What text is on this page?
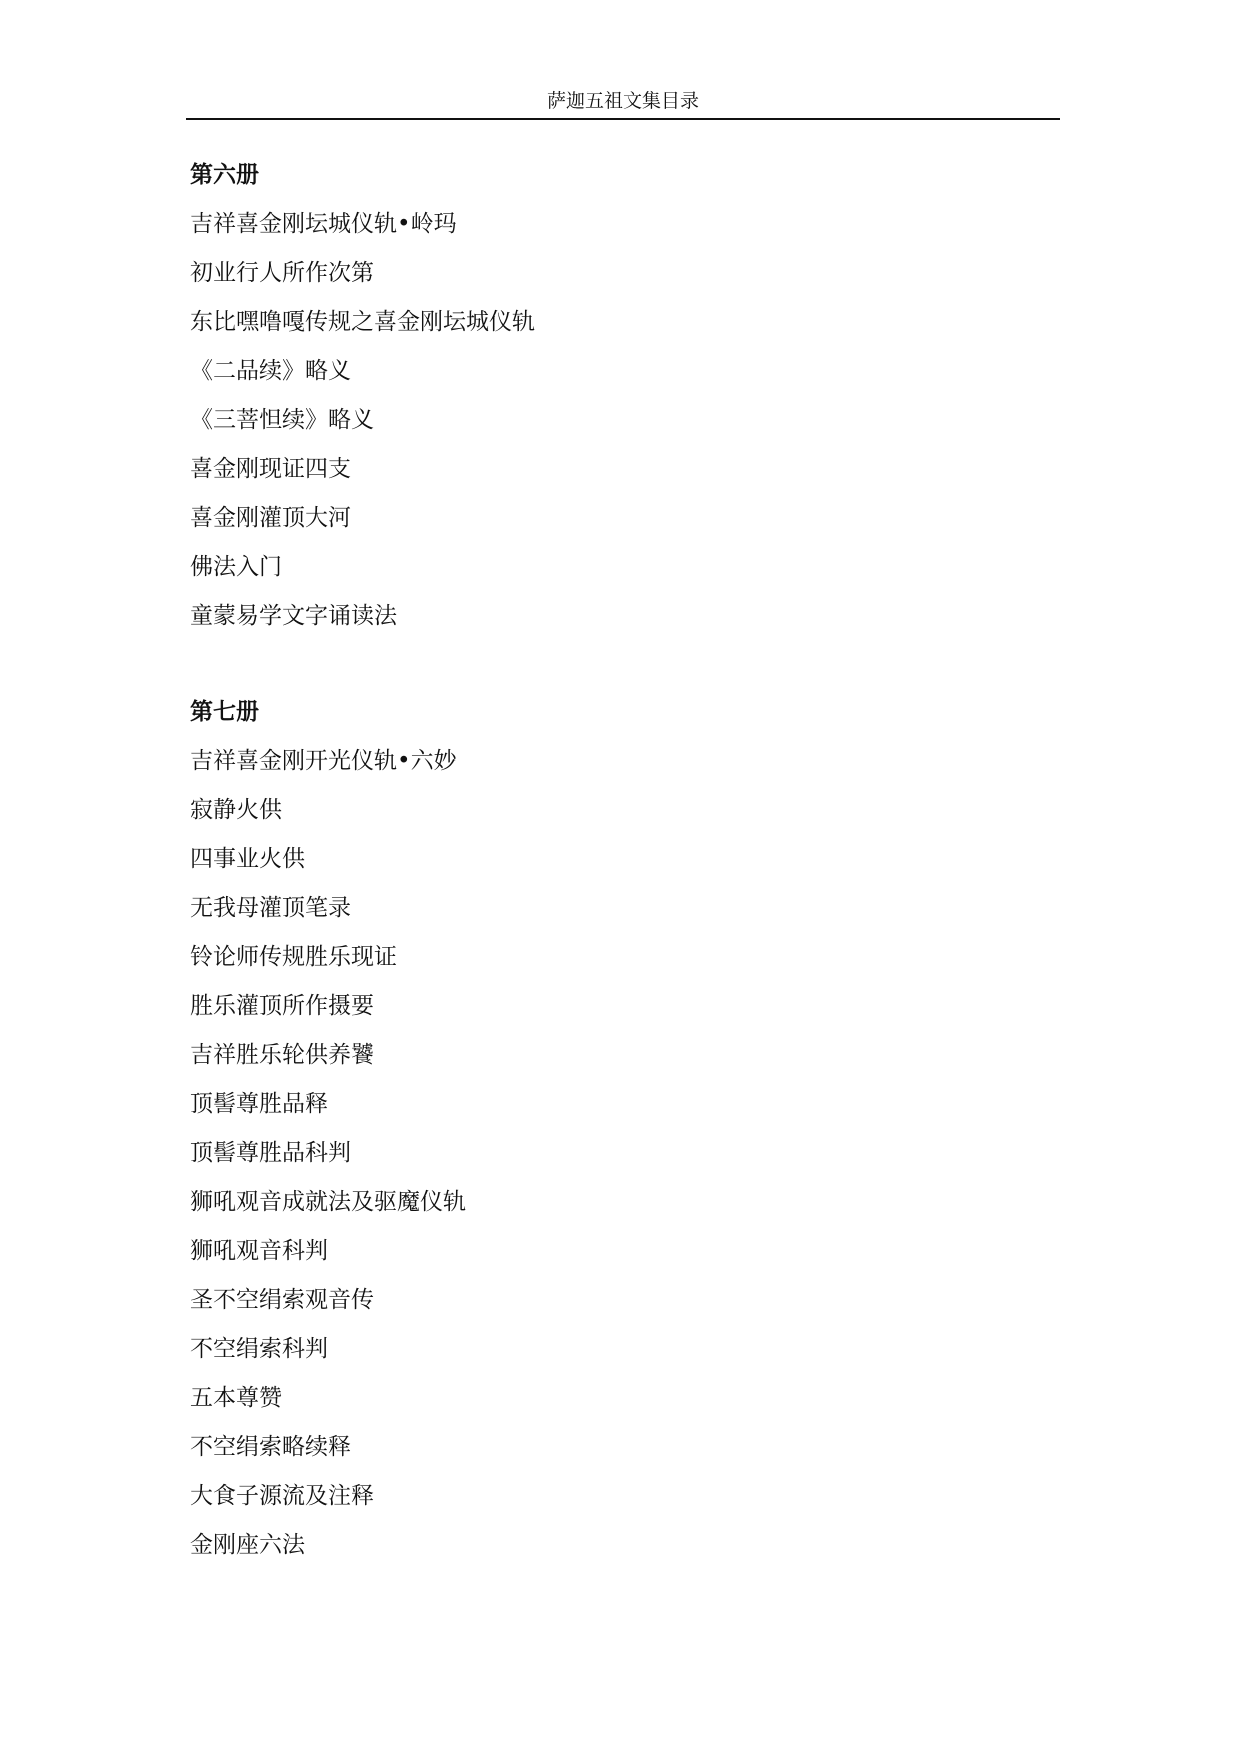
萨迦五祖文集目录
第六册
吉祥喜金刚坛城仪轨•岭玛
初业行人所作次第
东比嘿噜嘎传规之喜金刚坛城仪轨
《二品续》略义
《三菩怛续》略义
喜金刚现证四支
喜金刚灌顶大河
佛法入门
童蒙易学文字诵读法
第七册
吉祥喜金刚开光仪轨•六妙
寂静火供
四事业火供
无我母灌顶笔录
铃论师传规胜乐现证
胜乐灌顶所作摄要
吉祥胜乐轮供养饕
顶髻尊胜品释
顶髻尊胜品科判
狮吼观音成就法及驱魔仪轨
狮吼观音科判
圣不空绢索观音传
不空绢索科判
五本尊赞
不空绢索略续释
大食子源流及注释
金刚座六法
